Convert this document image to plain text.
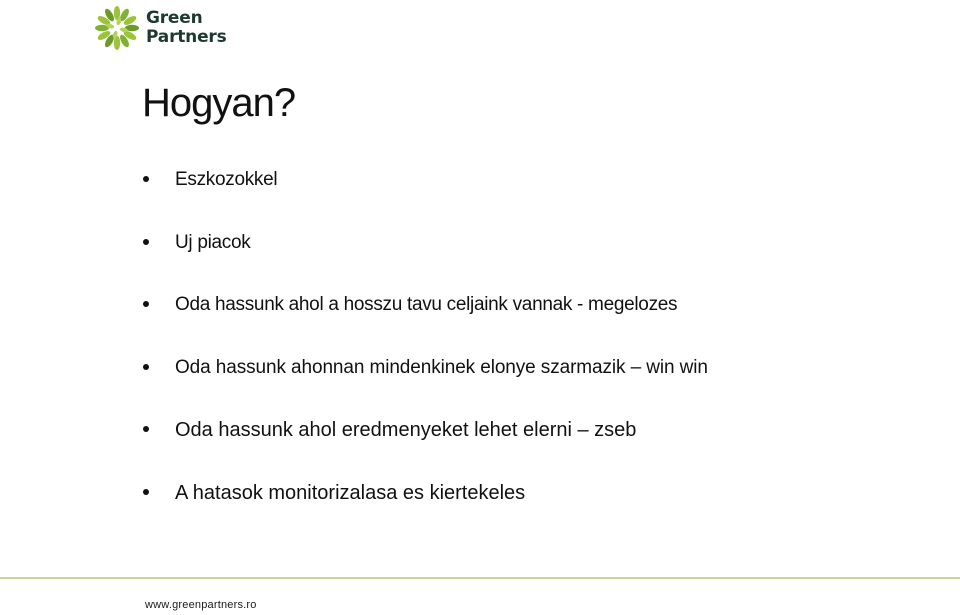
Green
Partners
Hogyan?
Eszkozokkel
Uj piacok
Oda hassunk ahol a hosszu tavu celjaink vannak - megelozes
Oda hassunk ahonnan mindenkinek elonye szarmazik – win win
Oda hassunk ahol eredmenyeket lehet elerni – zseb
A hatasok monitorizalasa es kiertekeles
www.greenpartners.ro
